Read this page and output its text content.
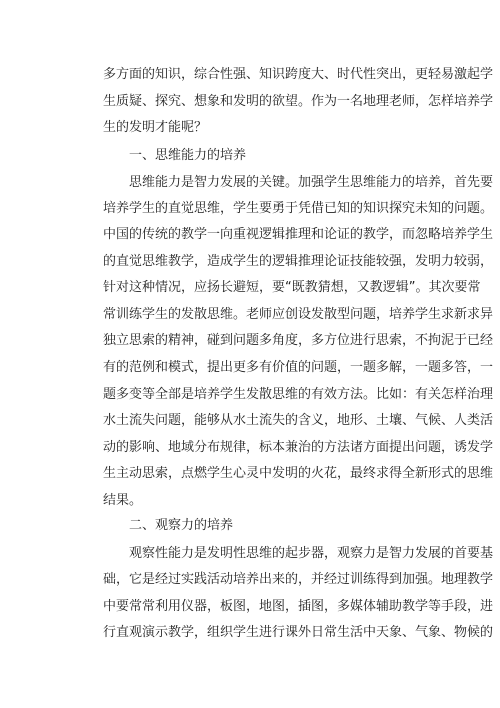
多方面的知识，综合性强、知识跨度大、时代性突出，更轻易激起学
生质疑、探究、想象和发明的欲望。作为一名地理老师，怎样培养学
生的发明才能呢？
一、思维能力的培养
思维能力是智力发展的关键。加强学生思维能力的培养，首先要
培养学生的直觉思维，学生要勇于凭借已知的知识探究未知的问题。
中国的传统的教学一向重视逻辑推理和论证的教学，而忽略培养学生
的直觉思维教学，造成学生的逻辑推理论证技能较强，发明力较弱，
针对这种情况，应扬长避短，要“既教猜想，又教逻辑”。其次要常
常训练学生的发散思维。老师应创设发散型问题，培养学生求新求异
独立思索的精神，碰到问题多角度，多方位进行思索，不拘泥于已经
有的范例和模式，提出更多有价值的问题，一题多解，一题多答，一
题多变等全部是培养学生发散思维的有效方法。比如：有关怎样治理
水土流失问题，能够从水土流失的含义，地形、土壤、气候、人类活
动的影响、地域分布规律，标本兼治的方法诸方面提出问题，诱发学
生主动思索，点燃学生心灵中发明的火花，最终求得全新形式的思维
结果。
二、观察力的培养
观察性能力是发明性思维的起步器，观察力是智力发展的首要基
础，它是经过实践活动培养出来的，并经过训练得到加强。地理教学
中要常常利用仪器，板图，地图，插图，多媒体辅助教学等手段，进
行直观演示教学，组织学生进行课外日常生活中天象、气象、物候的
